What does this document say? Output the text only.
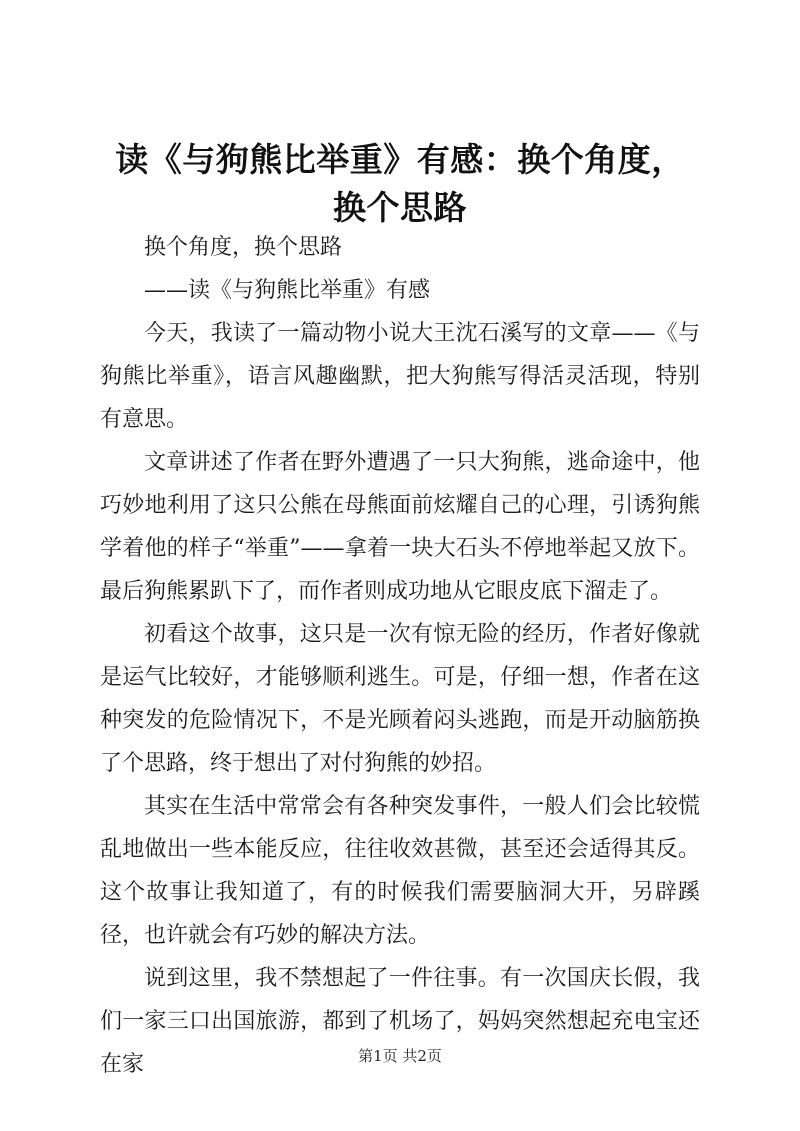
读《与狗熊比举重》有感：换个角度，换个思路

换个角度，换个思路

——读《与狗熊比举重》有感

今天，我读了一篇动物小说大王沈石溪写的文章——《与狗熊比举重》，语言风趣幽默，把大狗熊写得活灵活现，特别有意思。

文章讲述了作者在野外遭遇了一只大狗熊，逃命途中，他巧妙地利用了这只公熊在母熊面前炫耀自己的心理，引诱狗熊学着他的样子“举重”——拿着一块大石头不停地举起又放下。最后狗熊累趴下了，而作者则成功地从它眼皮底下溜走了。

初看这个故事，这只是一次有惊无险的经历，作者好像就是运气比较好，才能够顺利逃生。可是，仔细一想，作者在这种突发的危险情况下，不是光顾着闷头逃跑，而是开动脑筋换了个思路，终于想出了对付狗熊的妙招。

其实在生活中常常会有各种突发事件，一般人们会比较慌乱地做出一些本能反应，往往收效甚微，甚至还会适得其反。这个故事让我知道了，有的时候我们需要脑洞大开，另辟蹊径，也许就会有巧妙的解决方法。

说到这里，我不禁想起了一件往事。有一次国庆长假，我们一家三口出国旅游，都到了机场了，妈妈突然想起充电宝还在家	第1页 共2页
